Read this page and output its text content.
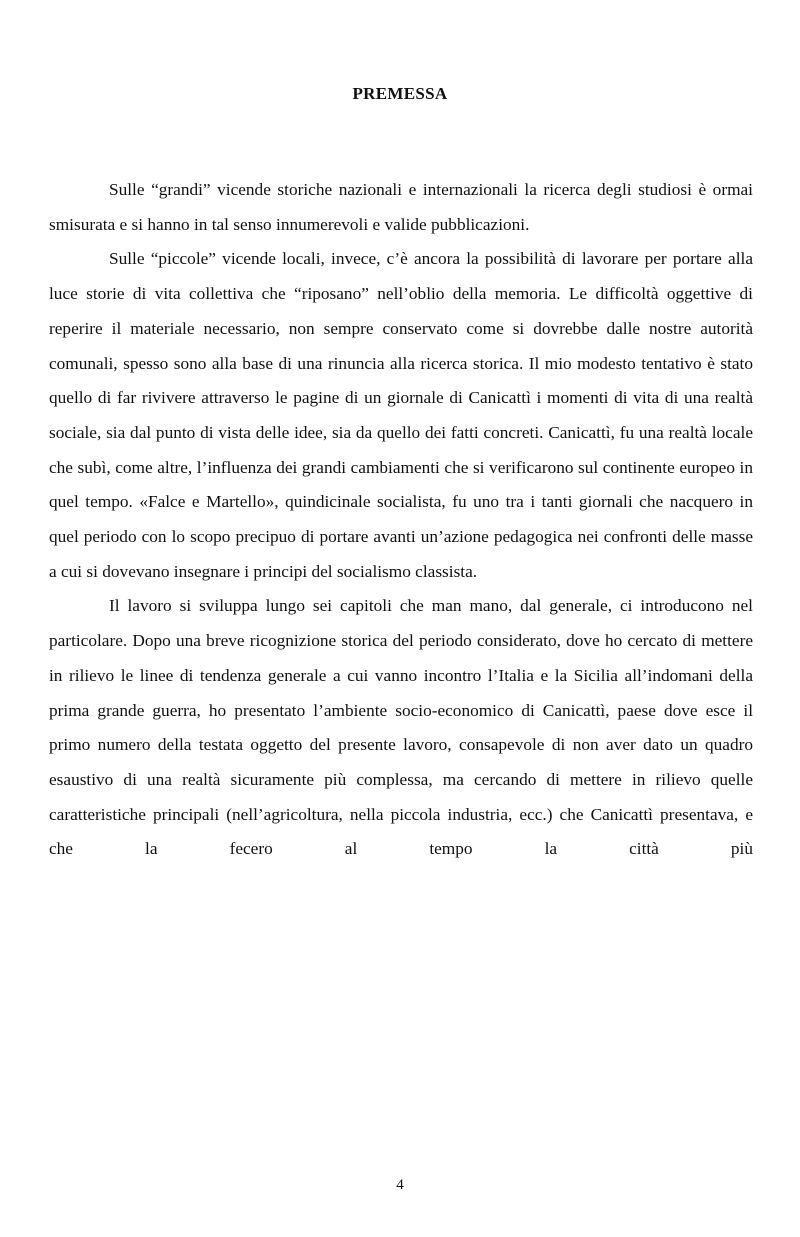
PREMESSA

Sulle “grandi” vicende storiche nazionali e internazionali la ricerca degli studiosi è ormai smisurata e si hanno in tal senso innumerevoli e valide pubblicazioni.

Sulle “piccole” vicende locali, invece, c’è ancora la possibilità di lavorare per portare alla luce storie di vita collettiva che “riposano” nell’oblio della memoria. Le difficoltà oggettive di reperire il materiale necessario, non sempre conservato come si dovrebbe dalle nostre autorità comunali, spesso sono alla base di una rinuncia alla ricerca storica. Il mio modesto tentativo è stato quello di far rivivere attraverso le pagine di un giornale di Canicattì i momenti di vita di una realtà sociale, sia dal punto di vista delle idee, sia da quello dei fatti concreti. Canicattì, fu una realtà locale che subì, come altre, l’influenza dei grandi cambiamenti che si verificarono sul continente europeo in quel tempo. «Falce e Martello», quindicinale socialista, fu uno tra i tanti giornali che nacquero in quel periodo con lo scopo precipuo di portare avanti un’azione pedagogica nei confronti delle masse a cui si dovevano insegnare i principi del socialismo classista.

Il lavoro si sviluppa lungo sei capitoli che man mano, dal generale, ci introducono nel particolare. Dopo una breve ricognizione storica del periodo considerato, dove ho cercato di mettere in rilievo le linee di tendenza generale a cui vanno incontro l’Italia e la Sicilia all’indomani della prima grande guerra, ho presentato l’ambiente socio-economico di Canicattì, paese dove esce il primo numero della testata oggetto del presente lavoro, consapevole di non aver dato un quadro esaustivo di una realtà sicuramente più complessa, ma cercando di mettere in rilievo quelle caratteristiche principali (nell’agricoltura, nella piccola industria, ecc.) che Canicattì presentava, e che la fecero al tempo la città più

4
